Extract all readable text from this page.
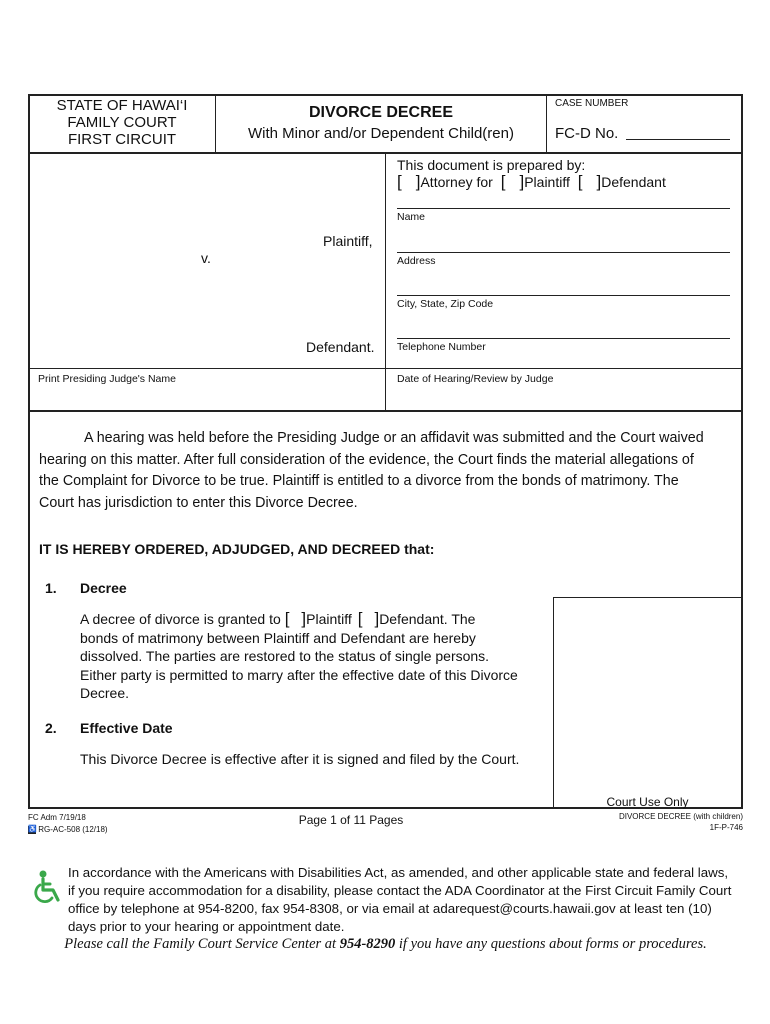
STATE OF HAWAI‘I
FAMILY COURT
FIRST CIRCUIT
DIVORCE DECREE
With Minor and/or Dependent Child(ren)
CASE NUMBER
FC-D No.
Plaintiff,
v.
Defendant.
This document is prepared by:
[ ]Attorney for [ ]Plaintiff [ ]Defendant
Name
Address
City, State, Zip Code
Telephone Number
Print Presiding Judge's Name	Date of Hearing/Review by Judge
A hearing was held before the Presiding Judge or an affidavit was submitted and the Court waived
hearing on this matter. After full consideration of the evidence, the Court finds the material allegations of
the Complaint for Divorce to be true. Plaintiff is entitled to a divorce from the bonds of matrimony. The
Court has jurisdiction to enter this Divorce Decree.
IT IS HEREBY ORDERED, ADJUDGED, AND DECREED that:
Court Use Only
1. Decree
A decree of divorce is granted to [ ]Plaintiff [ ]Defendant. The
bonds of matrimony between Plaintiff and Defendant are hereby
dissolved. The parties are restored to the status of single persons.
Either party is permitted to marry after the effective date of this Divorce
Decree.
2. Effective Date
This Divorce Decree is effective after it is signed and filed by the Court.
FC Adm 7/19/18
♿ RG-AC-508 (12/18)
Page 1 of 11 Pages	DIVORCE DECREE (with children)
1F-P-746
In accordance with the Americans with Disabilities Act, as amended, and other applicable state and federal laws,
if you require accommodation for a disability, please contact the ADA Coordinator at the First Circuit Family Court
office by telephone at 954-8200, fax 954-8308, or via email at adarequest@courts.hawaii.gov at least ten (10)
days prior to your hearing or appointment date.
Please call the Family Court Service Center at 954-8290 if you have any questions about forms or procedures.
